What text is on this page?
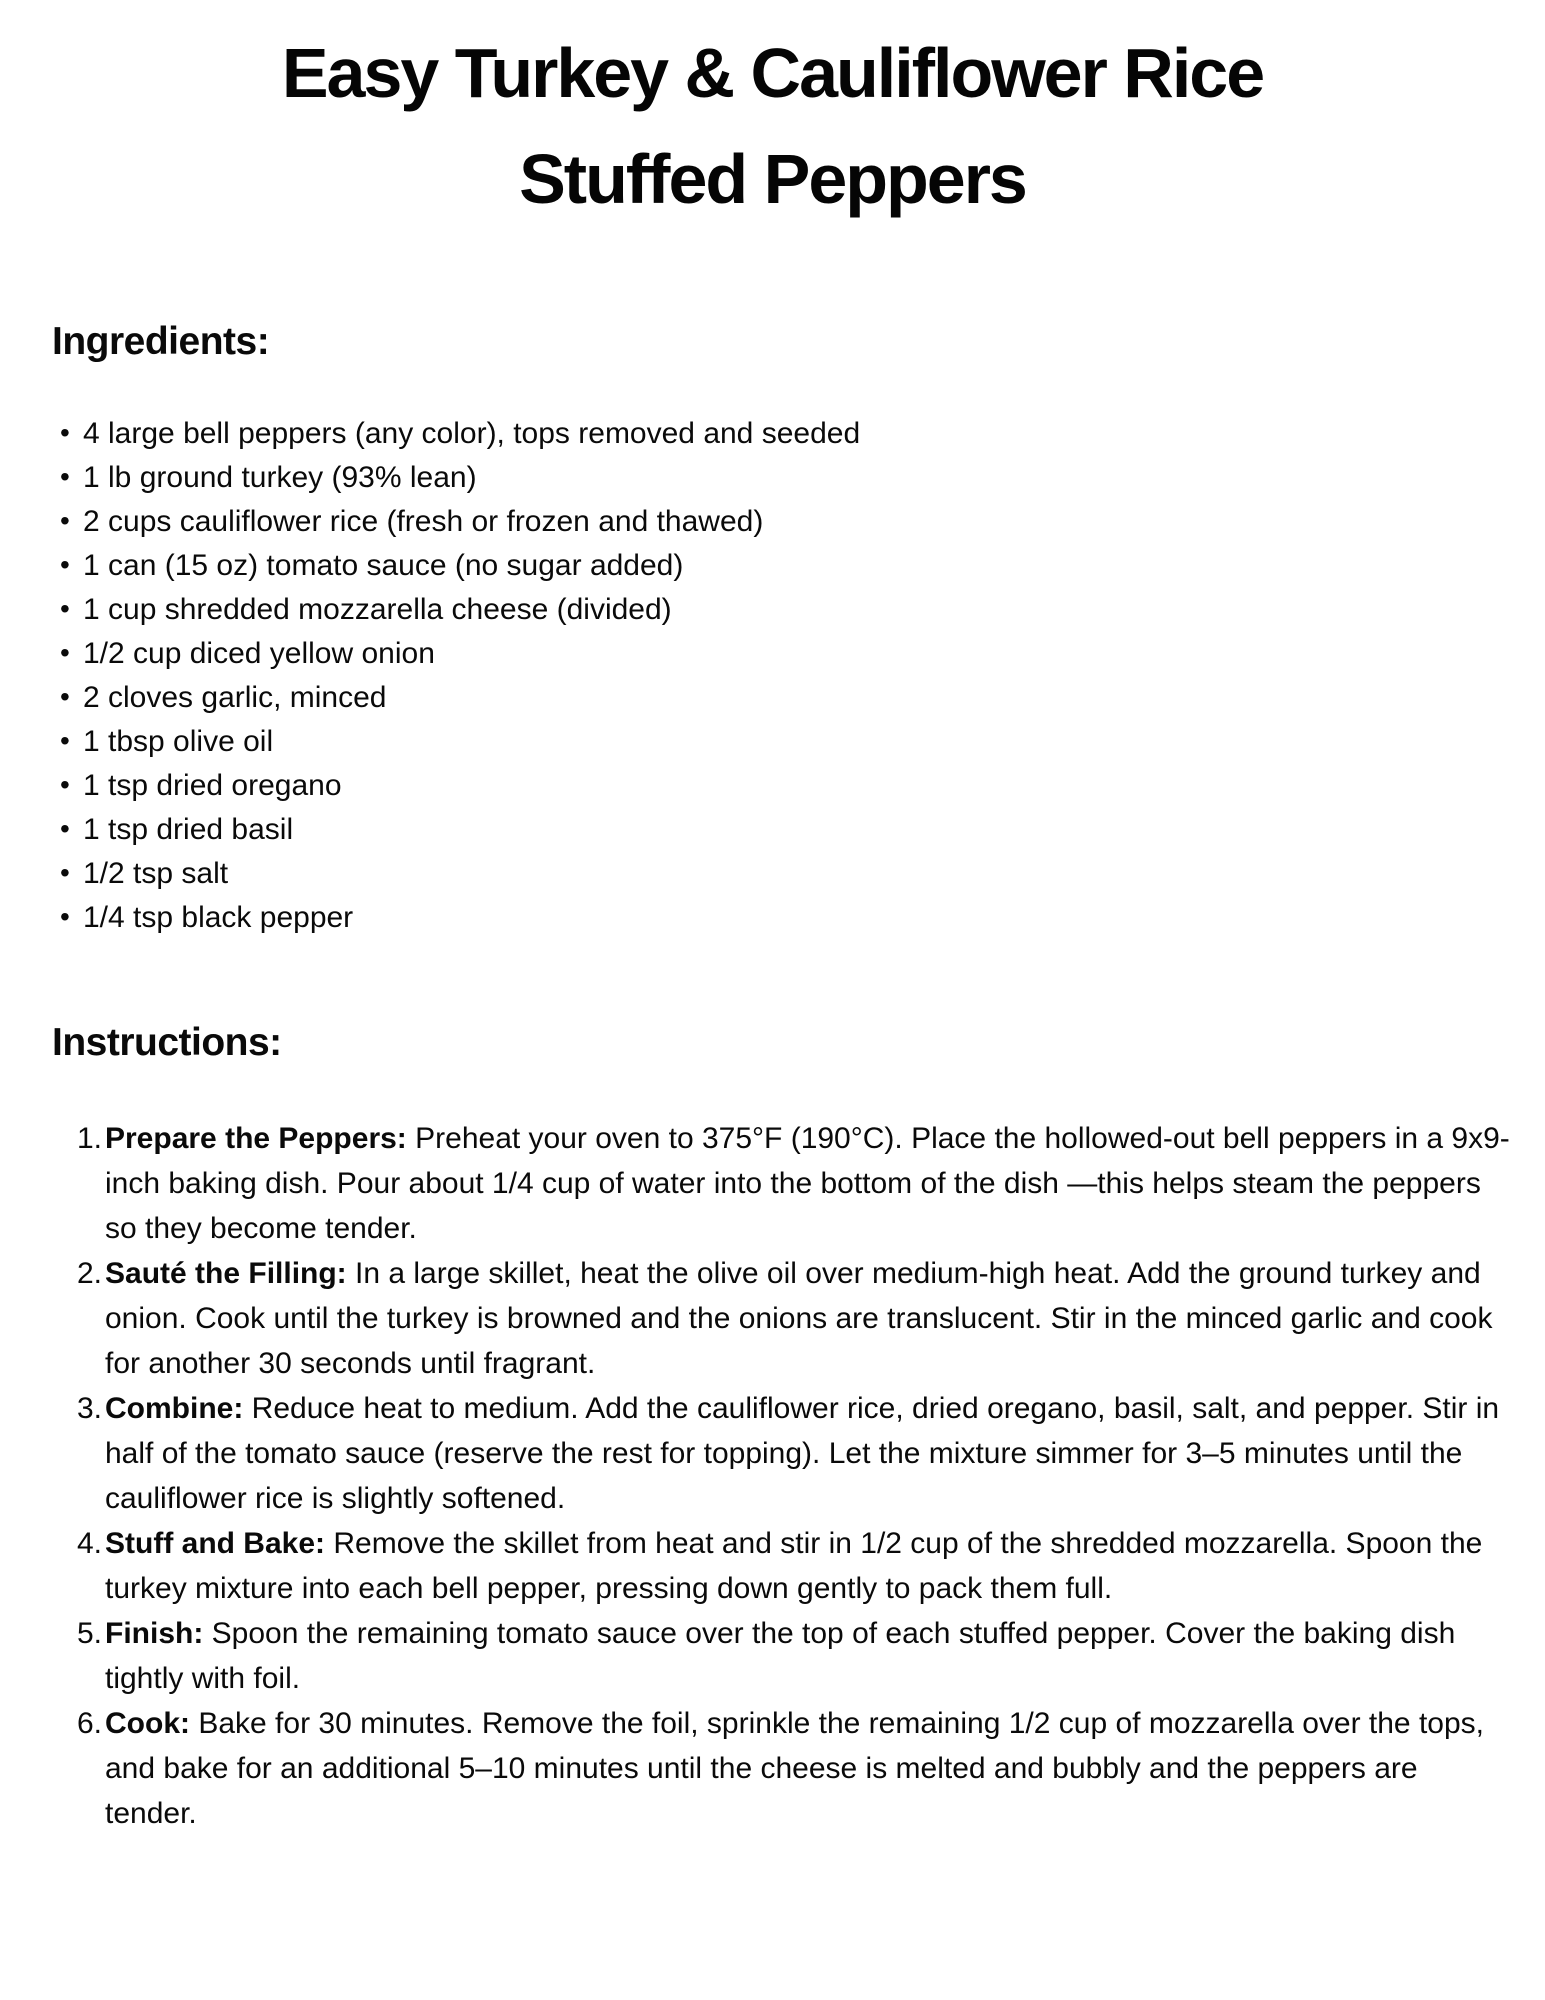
Easy Turkey & Cauliflower Rice
Stuffed Peppers
Ingredients:
• 4 large bell peppers (any color), tops removed and seeded
• 1 lb ground turkey (93% lean)
• 2 cups cauliflower rice (fresh or frozen and thawed)
• 1 can (15 oz) tomato sauce (no sugar added)
• 1 cup shredded mozzarella cheese (divided)
• 1/2 cup diced yellow onion
• 2 cloves garlic, minced
• 1 tbsp olive oil
• 1 tsp dried oregano
• 1 tsp dried basil
• 1/2 tsp salt
• 1/4 tsp black pepper
Instructions:
1. Prepare the Peppers: Preheat your oven to 375°F (190°C). Place the hollowed-out bell peppers in a 9x9-inch baking dish. Pour about 1/4 cup of water into the bottom of the dish —this helps steam the peppers so they become tender.
2. Sauté the Filling: In a large skillet, heat the olive oil over medium-high heat. Add the ground turkey and onion. Cook until the turkey is browned and the onions are translucent. Stir in the minced garlic and cook for another 30 seconds until fragrant.
3. Combine: Reduce heat to medium. Add the cauliflower rice, dried oregano, basil, salt, and pepper. Stir in half of the tomato sauce (reserve the rest for topping). Let the mixture simmer for 3–5 minutes until the cauliflower rice is slightly softened.
4. Stuff and Bake: Remove the skillet from heat and stir in 1/2 cup of the shredded mozzarella. Spoon the turkey mixture into each bell pepper, pressing down gently to pack them full.
5. Finish: Spoon the remaining tomato sauce over the top of each stuffed pepper. Cover the baking dish tightly with foil.
6. Cook: Bake for 30 minutes. Remove the foil, sprinkle the remaining 1/2 cup of mozzarella over the tops, and bake for an additional 5–10 minutes until the cheese is melted and bubbly and the peppers are tender.
